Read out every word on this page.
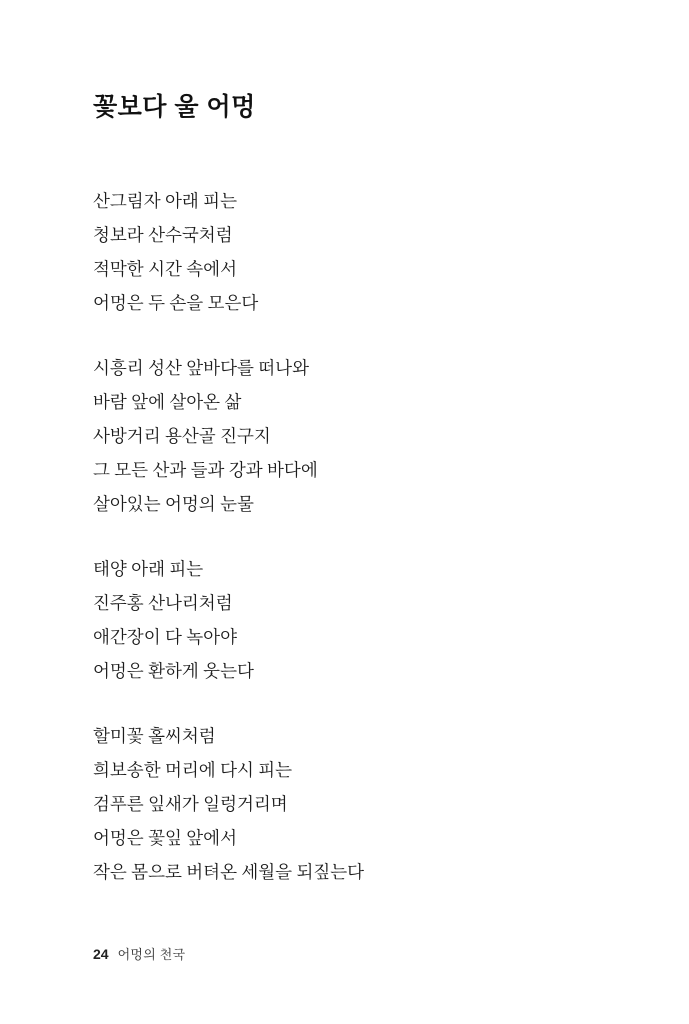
꽃보다 울 어멍
산그림자 아래 피는
청보라 산수국처럼
적막한 시간 속에서
어멍은 두 손을 모은다
시흥리 성산 앞바다를 떠나와
바람 앞에 살아온 삶
사방거리 용산골 진구지
그 모든 산과 들과 강과 바다에
살아있는 어멍의 눈물
태양 아래 피는
진주홍 산나리처럼
애간장이 다 녹아야
어멍은 환하게 웃는다
할미꽃 홀씨처럼
희보송한 머리에 다시 피는
검푸른 잎새가 일렁거리며
어멍은 꽃잎 앞에서
작은 몸으로 버텨온 세월을 되짚는다
24 어멍의 천국
